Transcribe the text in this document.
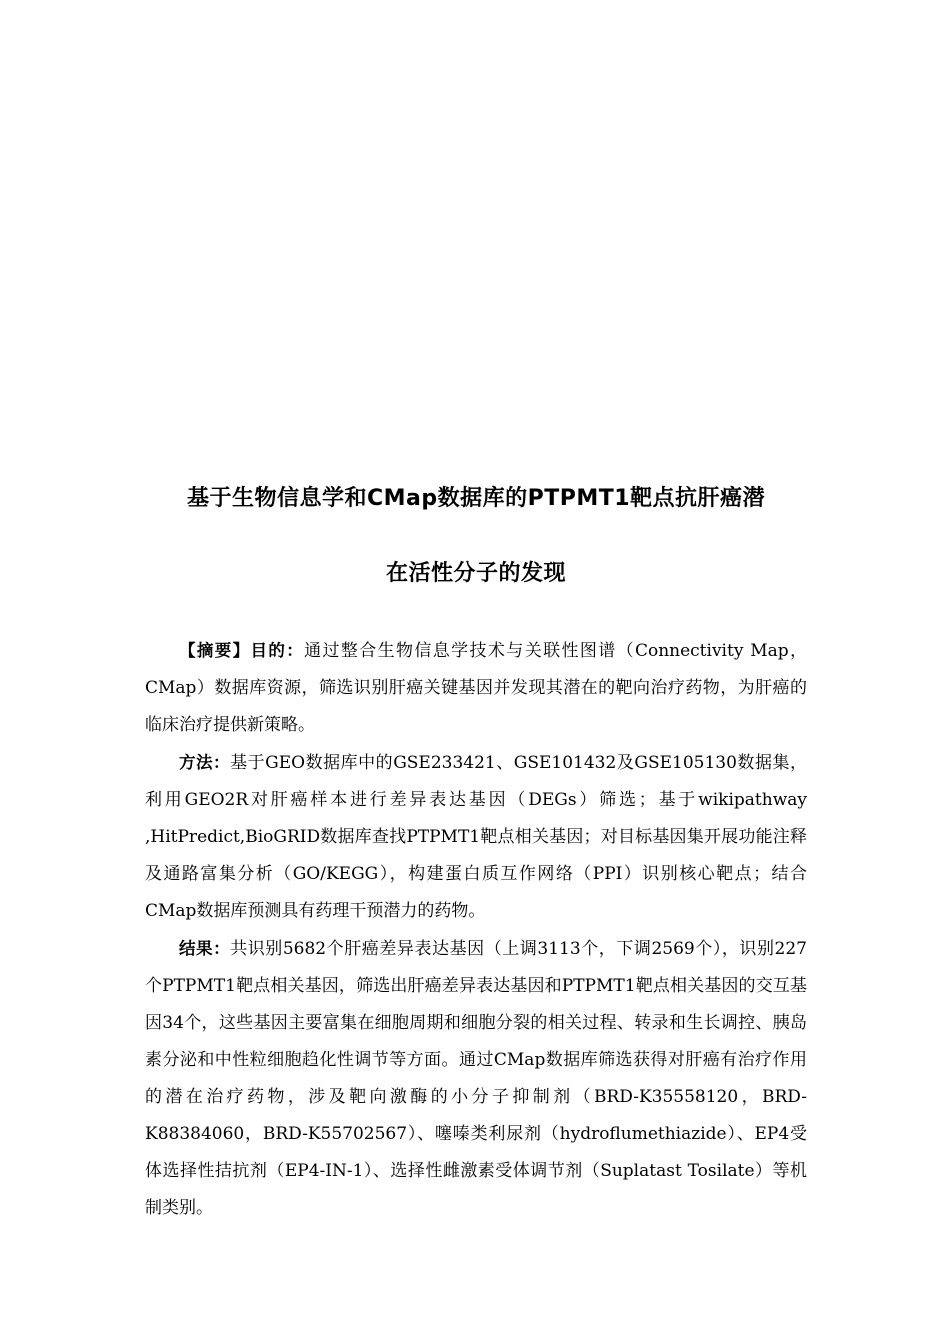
基于生物信息学和CMap数据库的PTPMT1靶点抗肝癌潜
在活性分子的发现

【摘要】目的：通过整合生物信息学技术与关联性图谱（Connectivity Map，CMap）数据库资源，筛选识别肝癌关键基因并发现其潜在的靶向治疗药物，为肝癌的临床治疗提供新策略。

方法：基于GEO数据库中的GSE233421、GSE101432及GSE105130数据集，利用GEO2R对肝癌样本进行差异表达基因（DEGs）筛选；基于wikipathway ,HitPredict,BioGRID数据库查找PTPMT1靶点相关基因；对目标基因集开展功能注释及通路富集分析（GO/KEGG），构建蛋白质互作网络（PPI）识别核心靶点；结合CMap数据库预测具有药理干预潜力的药物。

结果：共识别5682个肝癌差异表达基因（上调3113个，下调2569个），识别227个PTPMT1靶点相关基因，筛选出肝癌差异表达基因和PTPMT1靶点相关基因的交互基因34个，这些基因主要富集在细胞周期和细胞分裂的相关过程、转录和生长调控、胰岛素分泌和中性粒细胞趋化性调节等方面。通过CMap数据库筛选获得对肝癌有治疗作用的潜在治疗药物，涉及靶向激酶的小分子抑制剂（BRD-K35558120，BRD-K88384060，BRD-K55702567）、噻嗪类利尿剂（hydroflumethiazide）、EP4受体选择性拮抗剂（EP4-IN-1）、选择性雌激素受体调节剂（Suplatast Tosilate）等机制类别。
